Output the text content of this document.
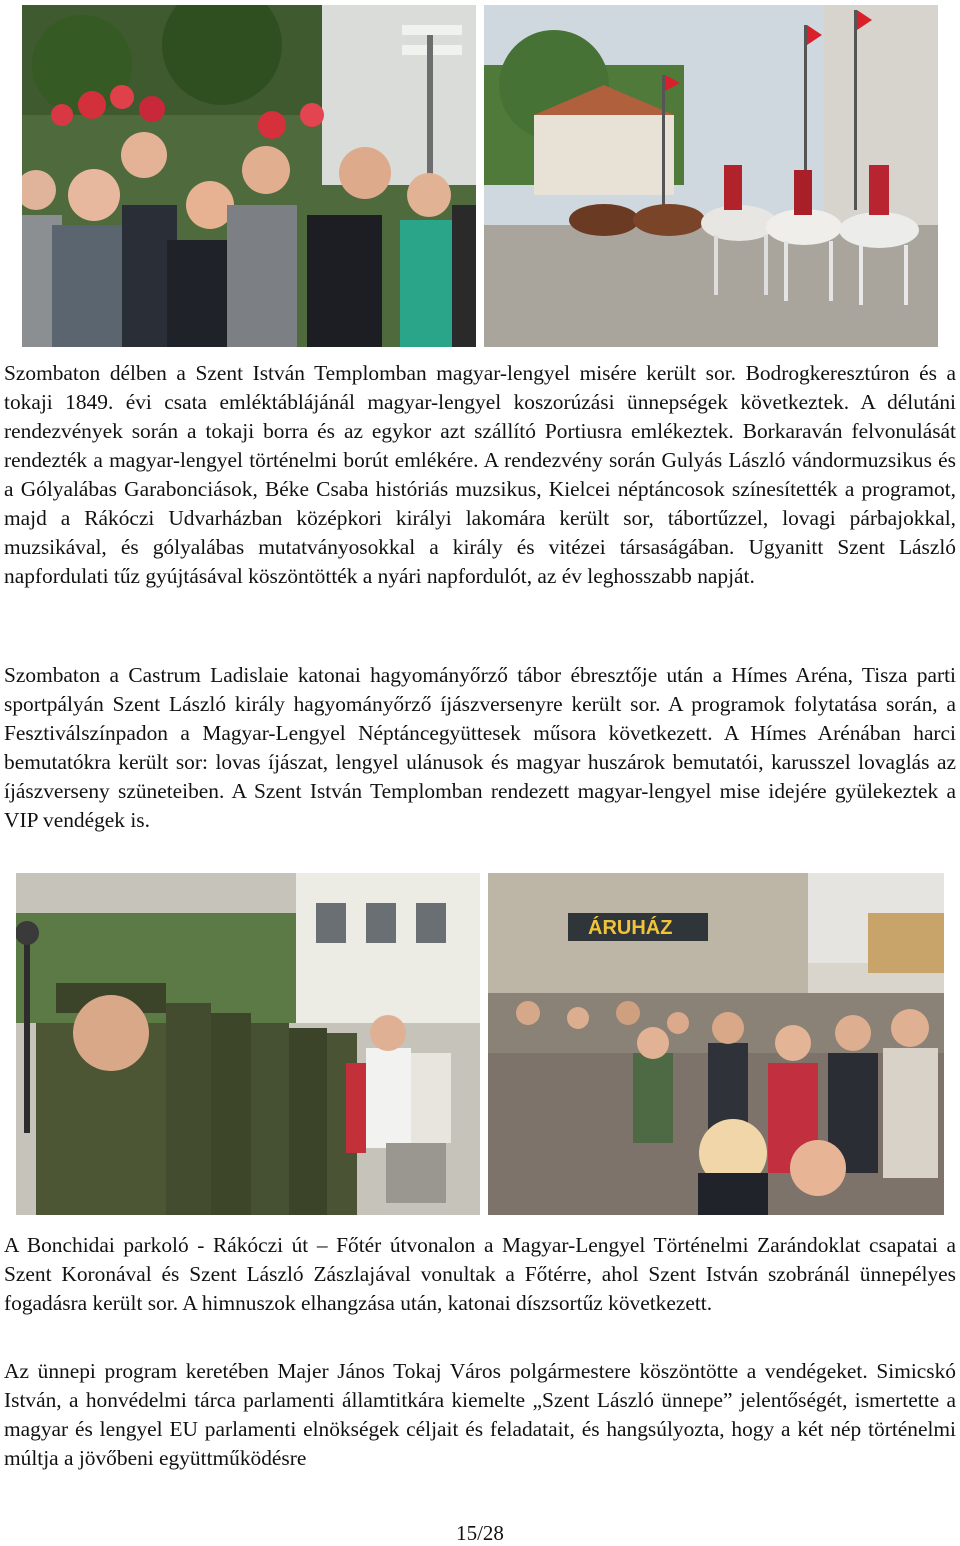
Szombaton délben a Szent István Templomban magyar-lengyel misére került sor. Bodrogkeresztúron és a tokaji 1849. évi csata emléktáblájánál magyar-lengyel koszorúzási ünnepségek következtek. A délutáni rendezvények során a tokaji borra és az egykor azt szállító Portiusra emlékeztek. Borkaraván felvonulását rendezték a magyar-lengyel történelmi borút emlékére. A rendezvény során Gulyás László vándormuzsikus és a Gólyalábas Garabonciások, Béke Csaba históriás muzsikus, Kielcei néptáncosok színesítették a programot, majd a Rákóczi Udvarházban középkori királyi lakomára került sor, tábortűzzel, lovagi párbajokkal, muzsikával, és gólyalábas mutatványosokkal a király és vitézei társaságában. Ugyanitt Szent László napfordulati tűz gyújtásával köszöntötték a nyári napfordulót, az év leghosszabb napját.

Szombaton a Castrum Ladislaie katonai hagyományőrző tábor ébresztője után a Hímes Aréna, Tisza parti sportpályán Szent László király hagyományőrző íjászversenyre került sor. A programok folytatása során, a Fesztiválszínpadon a Magyar-Lengyel Néptáncegyüttesek műsora következett. A Hímes Arénában harci bemutatókra került sor: lovas íjászat, lengyel ulánusok és magyar huszárok bemutatói, karusszel lovaglás az íjászverseny szüneteiben. A Szent István Templomban rendezett magyar-lengyel mise idejére gyülekeztek a VIP vendégek is.

ÁRUHÁZ

A Bonchidai parkoló - Rákóczi út – Főtér útvonalon a Magyar-Lengyel Történelmi Zarándoklat csapatai a Szent Koronával és Szent László Zászlajával vonultak a Főtérre, ahol Szent István szobránál ünnepélyes fogadásra került sor. A himnuszok elhangzása után, katonai díszsortűz következett.

Az ünnepi program keretében Majer János Tokaj Város polgármestere köszöntötte a vendégeket. Simicskó István, a honvédelmi tárca parlamenti államtitkára kiemelte „Szent László ünnepe” jelentőségét, ismertette a magyar és lengyel EU parlamenti elnökségek céljait és feladatait, és hangsúlyozta, hogy a két nép történelmi múltja a jövőbeni együttműködésre

15/28
